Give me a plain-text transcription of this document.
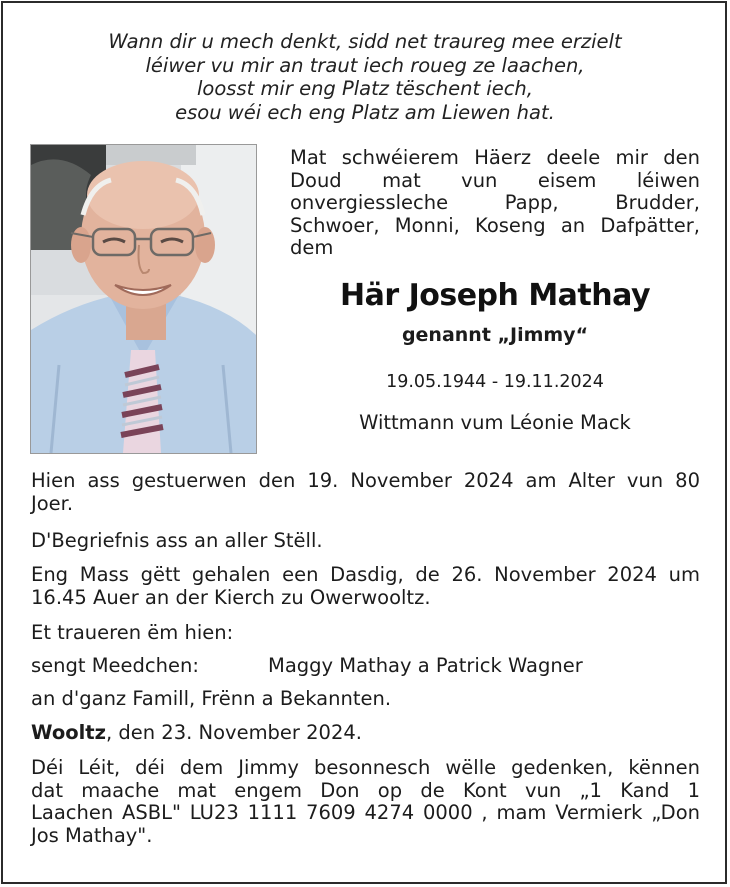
Wann dir u mech denkt, sidd net traureg mee erzielt
léiwer vu mir an traut iech roueg ze laachen,
loosst mir eng Platz tëschent iech,
esou wéi ech eng Platz am Liewen hat.
Mat schwéierem Häerz deele mir den
Doud mat vun eisem léiwen
onvergiessleche Papp, Brudder,
Schwoer, Monni, Koseng an Dafpätter,
dem
Här Joseph Mathay
genannt „Jimmy“
19.05.1944 - 19.11.2024
Wittmann vum Léonie Mack
Hien ass gestuerwen den 19. November 2024 am Alter vun 80
Joer.
D'Begriefnis ass an aller Stëll.
Eng Mass gëtt gehalen een Dasdig, de 26. November 2024 um
16.45 Auer an der Kierch zu Owerwooltz.
Et traueren ëm hien:
sengt Meedchen:	Maggy Mathay a Patrick Wagner
an d'ganz Famill, Frënn a Bekannten.
Wooltz, den 23. November 2024.
Déi Léit, déi dem Jimmy besonnesch wëlle gedenken, kënnen
dat maache mat engem Don op de Kont vun „1 Kand 1
Laachen ASBL" LU23 1111 7609 4274 0000 , mam Vermierk „Don
Jos Mathay".
